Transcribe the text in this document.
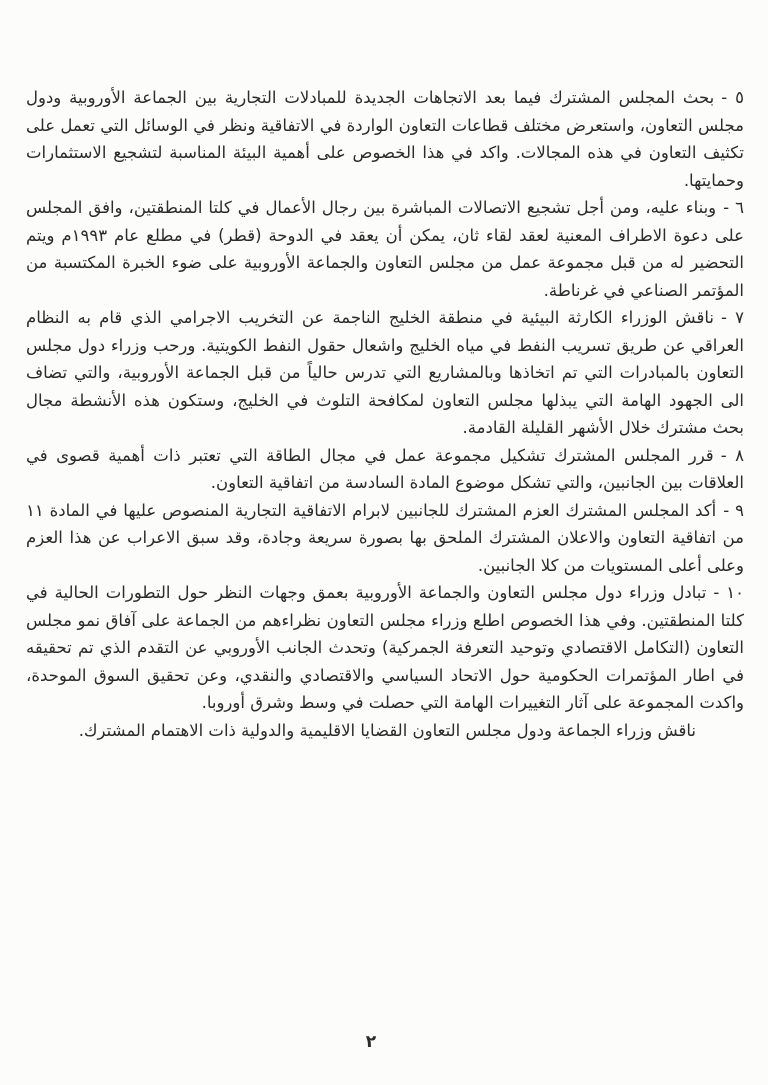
٥ -بحث المجلس المشترك فيما بعد الاتجاهات الجديدة للمبادلات التجارية بين الجماعة الأوروبية ودول مجلس التعاون، واستعرض مختلف قطاعات التعاون الواردة في الاتفاقية ونظر في الوسائل التي تعمل على تكثيف التعاون في هذه المجالات. واكد في هذا الخصوص على أهمية البيئة المناسبة لتشجيع الاستثمارات وحمايتها.

٦ -وبناء عليه، ومن أجل تشجيع الاتصالات المباشرة بين رجال الأعمال في كلتا المنطقتين، وافق المجلس على دعوة الاطراف المعنية لعقد لقاء ثان، يمكن أن يعقد في الدوحة (قطر) في مطلع عام ١٩٩٣م ويتم التحضير له من قبل مجموعة عمل من مجلس التعاون والجماعة الأوروبية على ضوء الخبرة المكتسبة من المؤتمر الصناعي في غرناطة.

٧ -ناقش الوزراء الكارثة البيئية في منطقة الخليج الناجمة عن التخريب الاجرامي الذي قام به النظام العراقي عن طريق تسريب النفط في مياه الخليج واشعال حقول النفط الكويتية. ورحب وزراء دول مجلس التعاون بالمبادرات التي تم اتخاذها وبالمشاريع التي تدرس حالياً من قبل الجماعة الأوروبية، والتي تضاف الى الجهود الهامة التي يبذلها مجلس التعاون لمكافحة التلوث في الخليج، وستكون هذه الأنشطة مجال بحث مشترك خلال الأشهر القليلة القادمة.

٨ -قرر المجلس المشترك تشكيل مجموعة عمل في مجال الطاقة التي تعتبر ذات أهمية قصوى في العلاقات بين الجانبين، والتي تشكل موضوع المادة السادسة من اتفاقية التعاون.

٩ -أكد المجلس المشترك العزم المشترك للجانبين لابرام الاتفاقية التجارية المنصوص عليها في المادة ١١ من اتفاقية التعاون والاعلان المشترك الملحق بها بصورة سريعة وجادة، وقد سبق الاعراب عن هذا العزم وعلى أعلى المستويات من كلا الجانبين.

١٠ -تبادل وزراء دول مجلس التعاون والجماعة الأوروبية بعمق وجهات النظر حول التطورات الحالية في كلتا المنطقتين. وفي هذا الخصوص اطلع وزراء مجلس التعاون نظراءهم من الجماعة على آفاق نمو مجلس التعاون (التكامل الاقتصادي وتوحيد التعرفة الجمركية) وتحدث الجانب الأوروبي عن التقدم الذي تم تحقيقه في اطار المؤتمرات الحكومية حول الاتحاد السياسي والاقتصادي والنقدي، وعن تحقيق السوق الموحدة، واكدت المجموعة على آثار التغييرات الهامة التي حصلت في وسط وشرق أوروبا.

ناقش وزراء الجماعة ودول مجلس التعاون القضايا الاقليمية والدولية ذات الاهتمام المشترك.

٢
